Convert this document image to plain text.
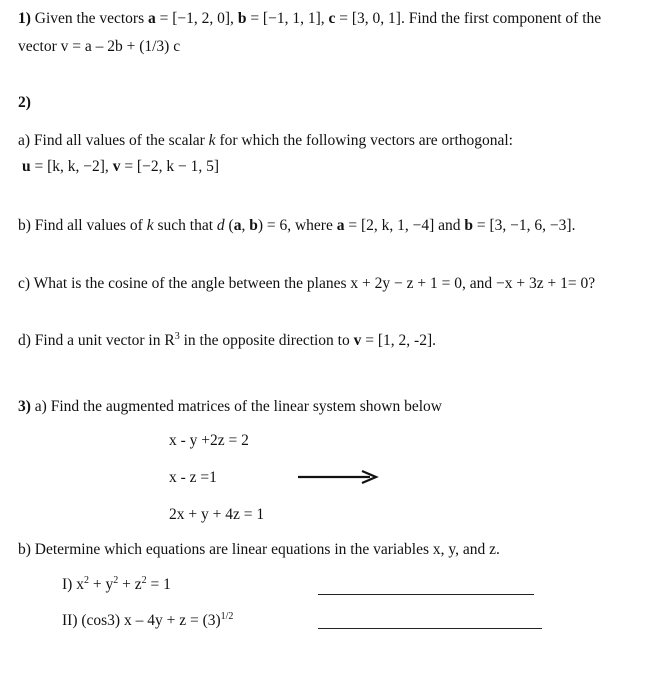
1) Given the vectors a = [−1, 2, 0], b = [−1, 1, 1], c = [3, 0, 1]. Find the first component of the
vector v = a – 2b + (1/3) c
2)
a) Find all values of the scalar k for which the following vectors are orthogonal:
u = [k, k, −2], v = [−2, k − 1, 5]
b) Find all values of k such that d (a, b) = 6, where a = [2, k, 1, −4] and b = [3, −1, 6, −3].
c) What is the cosine of the angle between the planes x + 2y − z + 1 = 0, and −x + 3z + 1= 0?
d) Find a unit vector in $R^3$ in the opposite direction to v = [1, 2, -2].
3) a) Find the augmented matrices of the linear system shown below
x - y +2z = 2
x - z =1
2x + y + 4z = 1
b) Determine which equations are linear equations in the variables x, y, and z.
I) $x^2 + y^2 + z^2 = 1$
II) (cos3) $x - 4y + z = (3)^{1/2}$
